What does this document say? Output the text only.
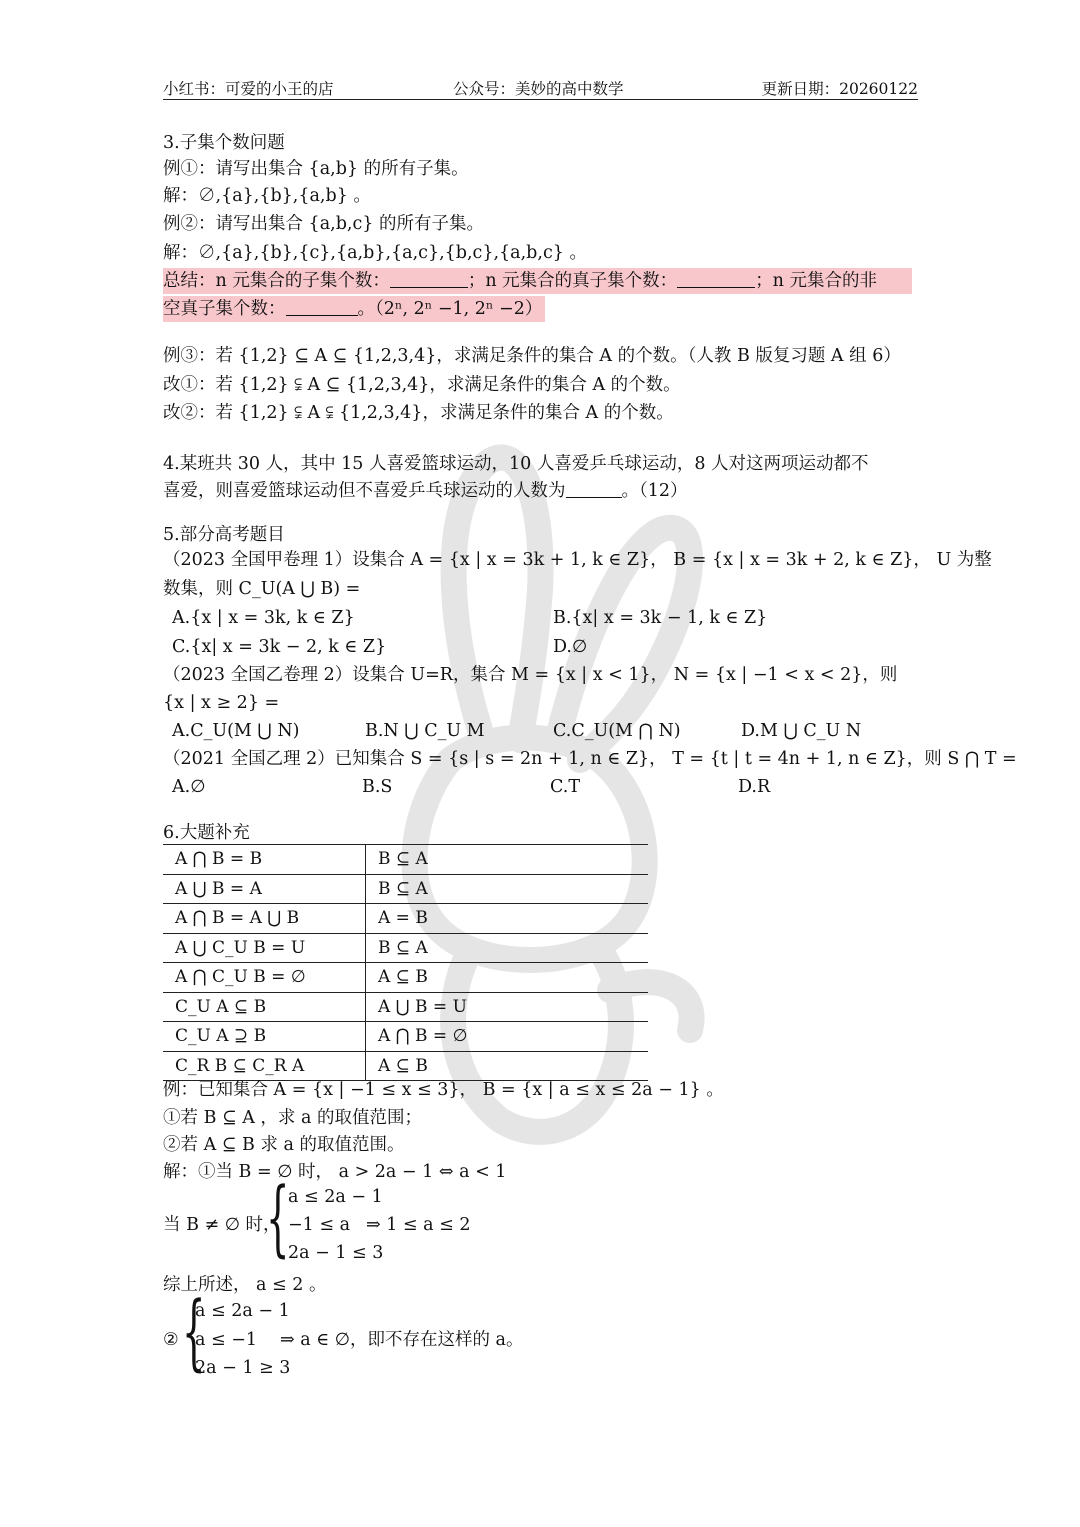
小红书：可爱的小王的店	公众号：美妙的高中数学	更新日期：20260122
3.子集个数问题
例①：请写出集合 {a,b} 的所有子集。
解：∅,{a},{b},{a,b} 。
例②：请写出集合 {a,b,c} 的所有子集。
解：∅,{a},{b},{c},{a,b},{a,c},{b,c},{a,b,c} 。
总结：n 元集合的子集个数：	；n 元集合的真子集个数：	；n 元集合的非
空真子集个数：	。（2ⁿ, 2ⁿ −1, 2ⁿ −2）
例③：若 {1,2} ⊆ A ⊆ {1,2,3,4}，求满足条件的集合 A 的个数。（人教 B 版复习题 A 组 6）
改①：若 {1,2} ⫋ A ⊆ {1,2,3,4}，求满足条件的集合 A 的个数。
改②：若 {1,2} ⫋ A ⫋ {1,2,3,4}，求满足条件的集合 A 的个数。
4.某班共 30 人，其中 15 人喜爱篮球运动，10 人喜爱乒乓球运动，8 人对这两项运动都不
喜爱，则喜爱篮球运动但不喜爱乒乓球运动的人数为	。（12）
5.部分高考题目
（2023 全国甲卷理 1）设集合 A = {x | x = 3k + 1, k ∈ Z}， B = {x | x = 3k + 2, k ∈ Z}， U 为整
数集，则 C_U(A ⋃ B) =
A.{x | x = 3k, k ∈ Z}	B.{x| x = 3k − 1, k ∈ Z}
C.{x| x = 3k − 2, k ∈ Z}	D.∅
（2023 全国乙卷理 2）设集合 U=R，集合 M = {x | x < 1}， N = {x | −1 < x < 2}，则
{x | x ≥ 2} =
A.C_U(M ⋃ N)	B.N ⋃ C_U M	C.C_U(M ⋂ N)	D.M ⋃ C_U N
（2021 全国乙理 2）已知集合 S = {s | s = 2n + 1, n ∈ Z}， T = {t | t = 4n + 1, n ∈ Z}，则 S ⋂ T =
A.∅	B.S	C.T	D.R
6.大题补充
A ⋂ B = B	B ⊆ A
A ⋃ B = A	B ⊆ A
A ⋂ B = A ⋃ B	A = B
A ⋃ C_U B = U	B ⊆ A
A ⋂ C_U B = ∅	A ⊆ B
C_U A ⊆ B	A ⋃ B = U
C_U A ⊇ B	A ⋂ B = ∅
C_R B ⊆ C_R A	A ⊆ B
例：已知集合 A = {x | −1 ≤ x ≤ 3}， B = {x | a ≤ x ≤ 2a − 1} 。
①若 B ⊆ A ，求 a 的取值范围；
②若 A ⊆ B 求 a 的取值范围。
解：①当 B = ∅ 时， a > 2a − 1 ⇔ a < 1
当 B ≠ ∅ 时，
{
a ≤ 2a − 1
−1 ≤ a
2a − 1 ≤ 3
⇒ 1 ≤ a ≤ 2
综上所述， a ≤ 2 。
② {
a ≤ 2a − 1
a ≤ −1
2a − 1 ≥ 3
⇒ a ∈ ∅，即不存在这样的 a。
